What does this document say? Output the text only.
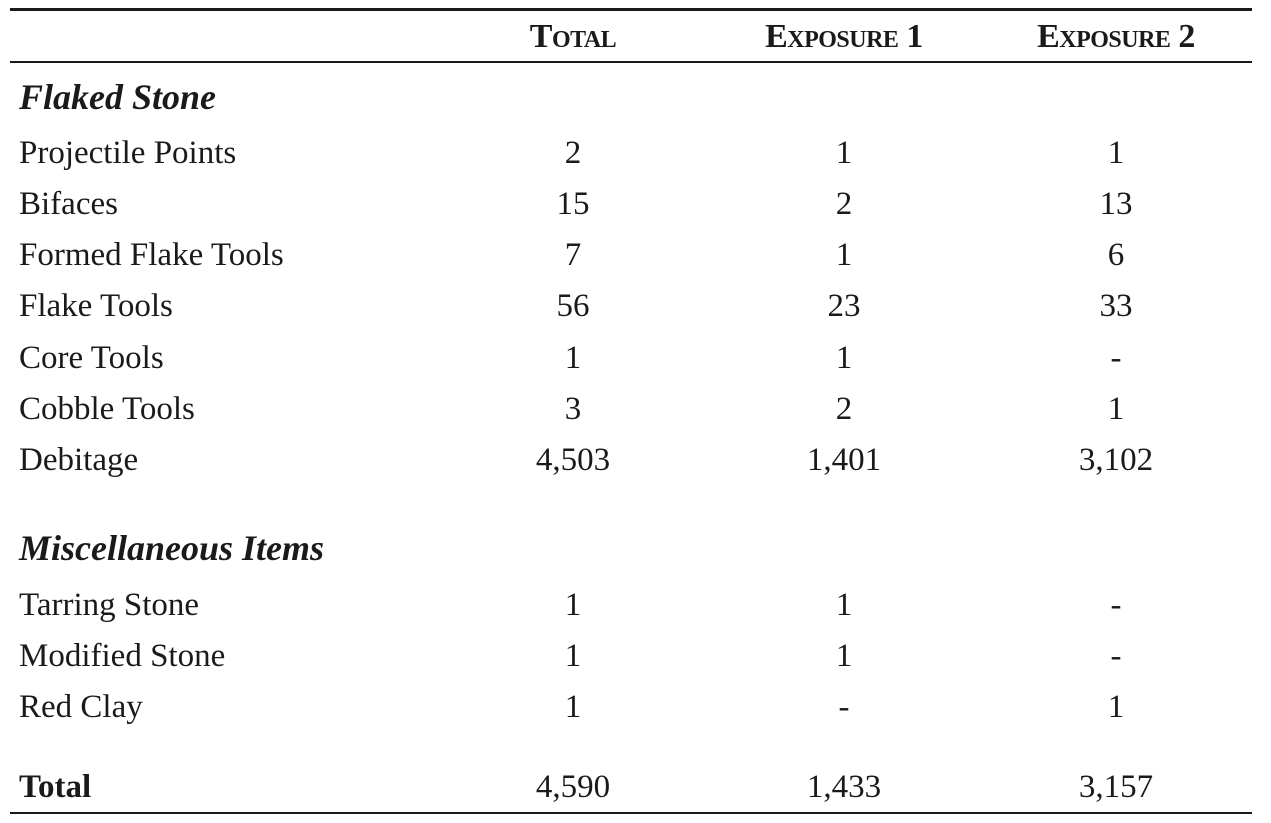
Total	Exposure 1	Exposure 2
Flaked Stone
Projectile Points	2	1	1
Bifaces	15	2	13
Formed Flake Tools	7	1	6
Flake Tools	56	23	33
Core Tools	1	1	-
Cobble Tools	3	2	1
Debitage	4,503	1,401	3,102
Miscellaneous Items
Tarring Stone	1	1	-
Modified Stone	1	1	-
Red Clay	1	-	1
Total	4,590	1,433	3,157
